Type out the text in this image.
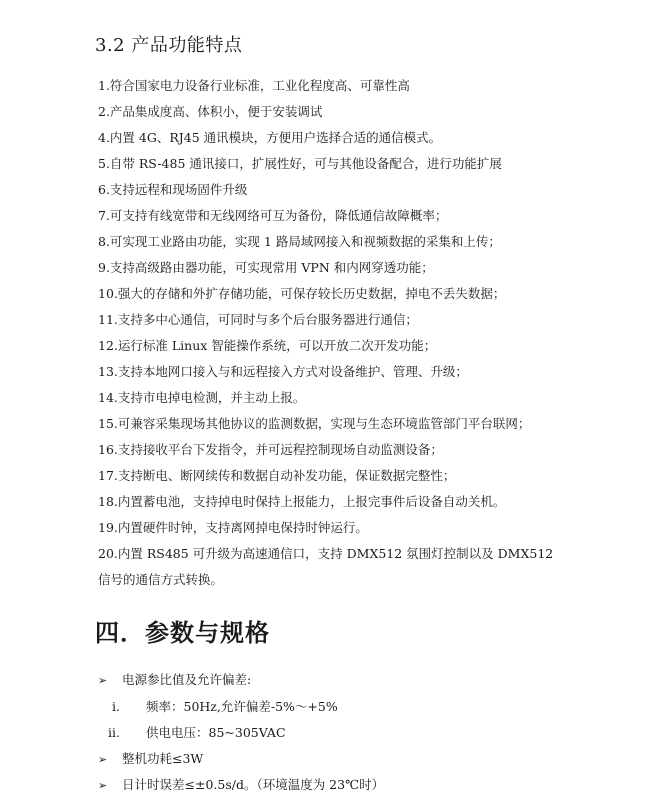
3.2 产品功能特点
1.符合国家电力设备行业标准，工业化程度高、可靠性高
2.产品集成度高、体积小，便于安装调试
4.内置 4G、RJ45 通讯模块，方便用户选择合适的通信模式。
5.自带 RS-485 通讯接口，扩展性好，可与其他设备配合，进行功能扩展
6.支持远程和现场固件升级
7.可支持有线宽带和无线网络可互为备份，降低通信故障概率；
8.可实现工业路由功能，实现 1 路局域网接入和视频数据的采集和上传；
9.支持高级路由器功能，可实现常用 VPN 和内网穿透功能；
10.强大的存储和外扩存储功能，可保存较长历史数据，掉电不丢失数据；
11.支持多中心通信，可同时与多个后台服务器进行通信；
12.运行标准 Linux 智能操作系统，可以开放二次开发功能；
13.支持本地网口接入与和远程接入方式对设备维护、管理、升级；
14.支持市电掉电检测，并主动上报。
15.可兼容采集现场其他协议的监测数据，实现与生态环境监管部门平台联网；
16.支持接收平台下发指令，并可远程控制现场自动监测设备；
17.支持断电、断网续传和数据自动补发功能，保证数据完整性；
18.内置蓄电池，支持掉电时保持上报能力，上报完事件后设备自动关机。
19.内置硬件时钟，支持离网掉电保持时钟运行。
20.内置 RS485 可升级为高速通信口，支持 DMX512 氛围灯控制以及 DMX512
信号的通信方式转换。
四．参数与规格
➢ 电源参比值及允许偏差:
i. 频率：50Hz,允许偏差-5%～+5%
ii. 供电电压：85~305VAC
➢ 整机功耗≤3W
➢ 日计时误差≤±0.5s/d。（环境温度为 23℃时）
